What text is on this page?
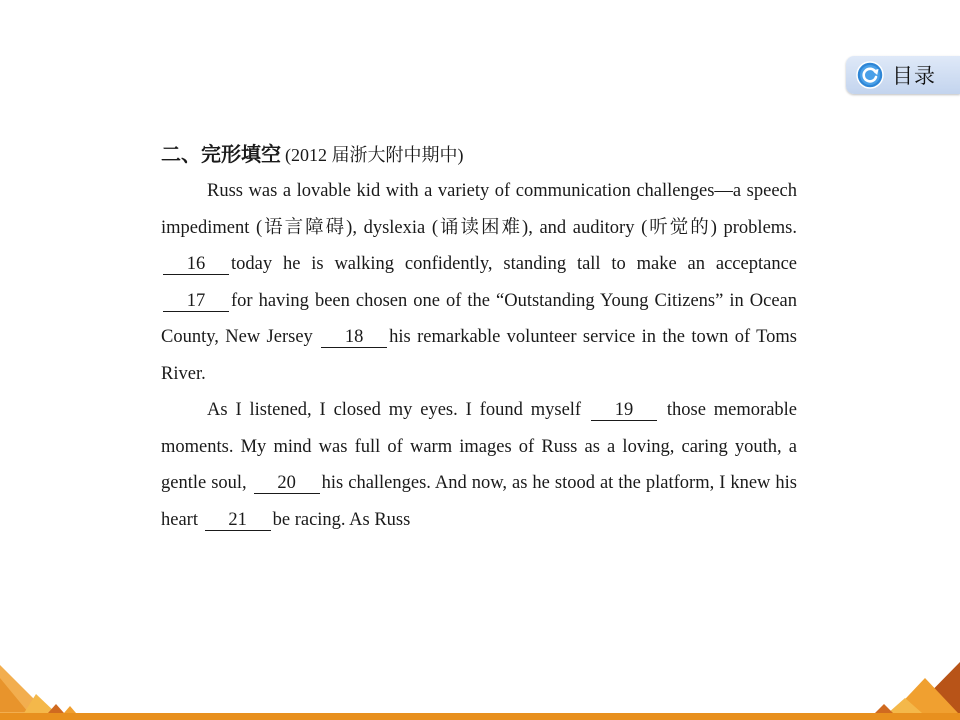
目录
二、完形填空 (2012 届浙大附中期中)

Russ was a lovable kid with a variety of communication challenges—a speech impediment (语言障碍), dyslexia (诵读困难), and auditory (听觉的) problems. 16 today he is walking confidently, standing tall to make an acceptance 17 for having been chosen one of the “Outstanding Young Citizens” in Ocean County, New Jersey 18 his remarkable volunteer service in the town of Toms River.

As I listened, I closed my eyes. I found myself 19 those memorable moments. My mind was full of warm images of Russ as a loving, caring youth, a gentle soul, 20 his challenges. And now, as he stood at the platform, I knew his heart 21 be racing. As Russ
